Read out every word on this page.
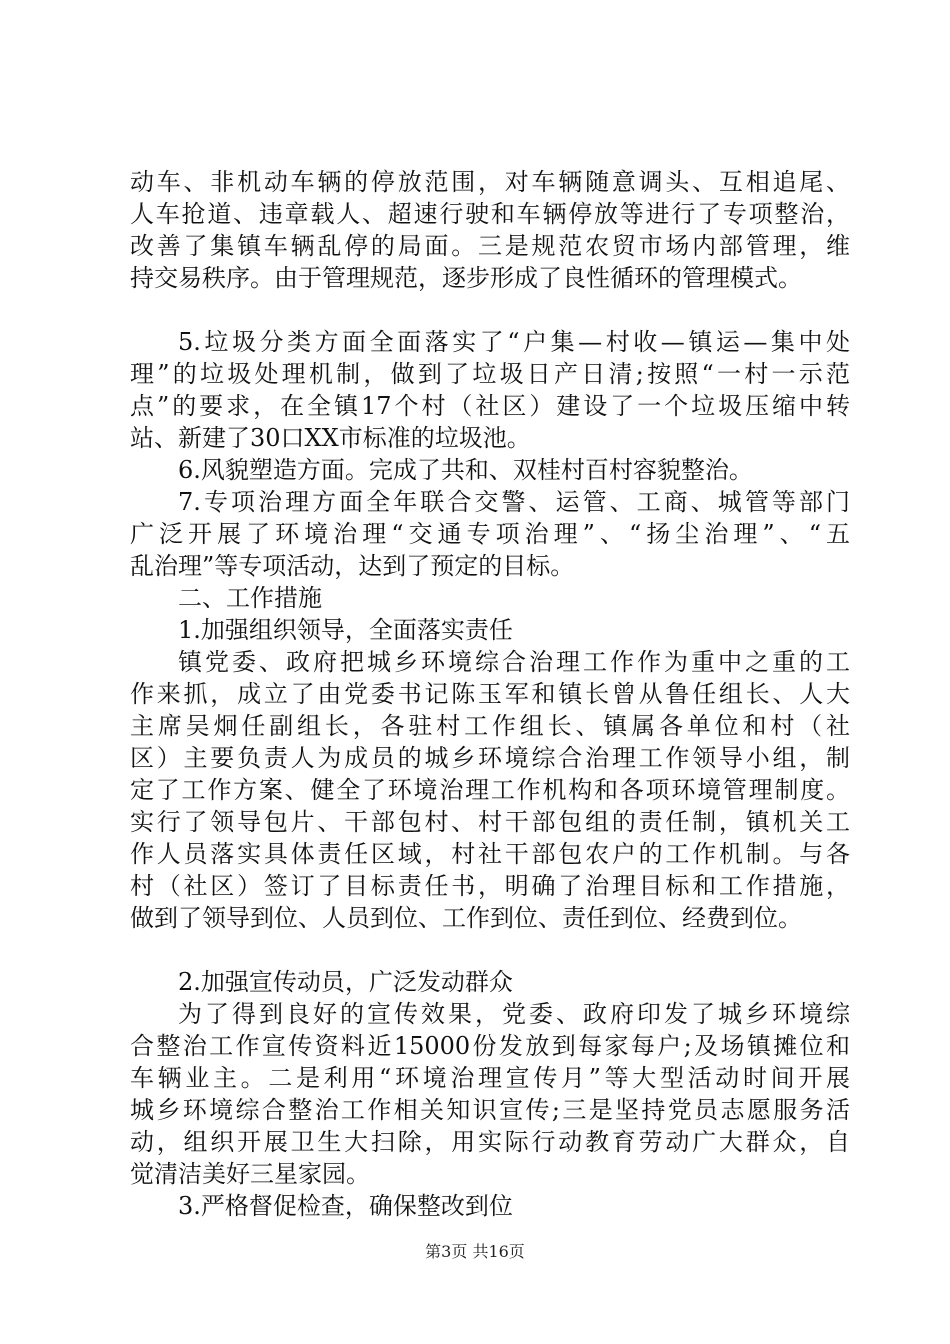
动车、非机动车辆的停放范围，对车辆随意调头、互相追尾、
人车抢道、违章载人、超速行驶和车辆停放等进行了专项整治，
改善了集镇车辆乱停的局面。三是规范农贸市场内部管理，维
持交易秩序。由于管理规范，逐步形成了良性循环的管理模式。
5.垃圾分类方面全面落实了“户集—村收—镇运—集中处
理”的垃圾处理机制，做到了垃圾日产日清;按照“一村一示范
点”的要求，在全镇17个村（社区）建设了一个垃圾压缩中转
站、新建了30口XX市标准的垃圾池。
6.风貌塑造方面。完成了共和、双桂村百村容貌整治。
7.专项治理方面全年联合交警、运管、工商、城管等部门
广泛开展了环境治理“交通专项治理”、“扬尘治理”、“五
乱治理”等专项活动，达到了预定的目标。
二、工作措施
1.加强组织领导，全面落实责任
镇党委、政府把城乡环境综合治理工作作为重中之重的工
作来抓，成立了由党委书记陈玉军和镇长曾从鲁任组长、人大
主席吴炯任副组长，各驻村工作组长、镇属各单位和村（社
区）主要负责人为成员的城乡环境综合治理工作领导小组，制
定了工作方案、健全了环境治理工作机构和各项环境管理制度。
实行了领导包片、干部包村、村干部包组的责任制，镇机关工
作人员落实具体责任区域，村社干部包农户的工作机制。与各
村（社区）签订了目标责任书，明确了治理目标和工作措施，
做到了领导到位、人员到位、工作到位、责任到位、经费到位。
2.加强宣传动员，广泛发动群众
为了得到良好的宣传效果，党委、政府印发了城乡环境综
合整治工作宣传资料近15000份发放到每家每户;及场镇摊位和
车辆业主。二是利用“环境治理宣传月”等大型活动时间开展
城乡环境综合整治工作相关知识宣传;三是坚持党员志愿服务活
动，组织开展卫生大扫除，用实际行动教育劳动广大群众，自
觉清洁美好三星家园。
3.严格督促检查，确保整改到位
第3页 共16页
